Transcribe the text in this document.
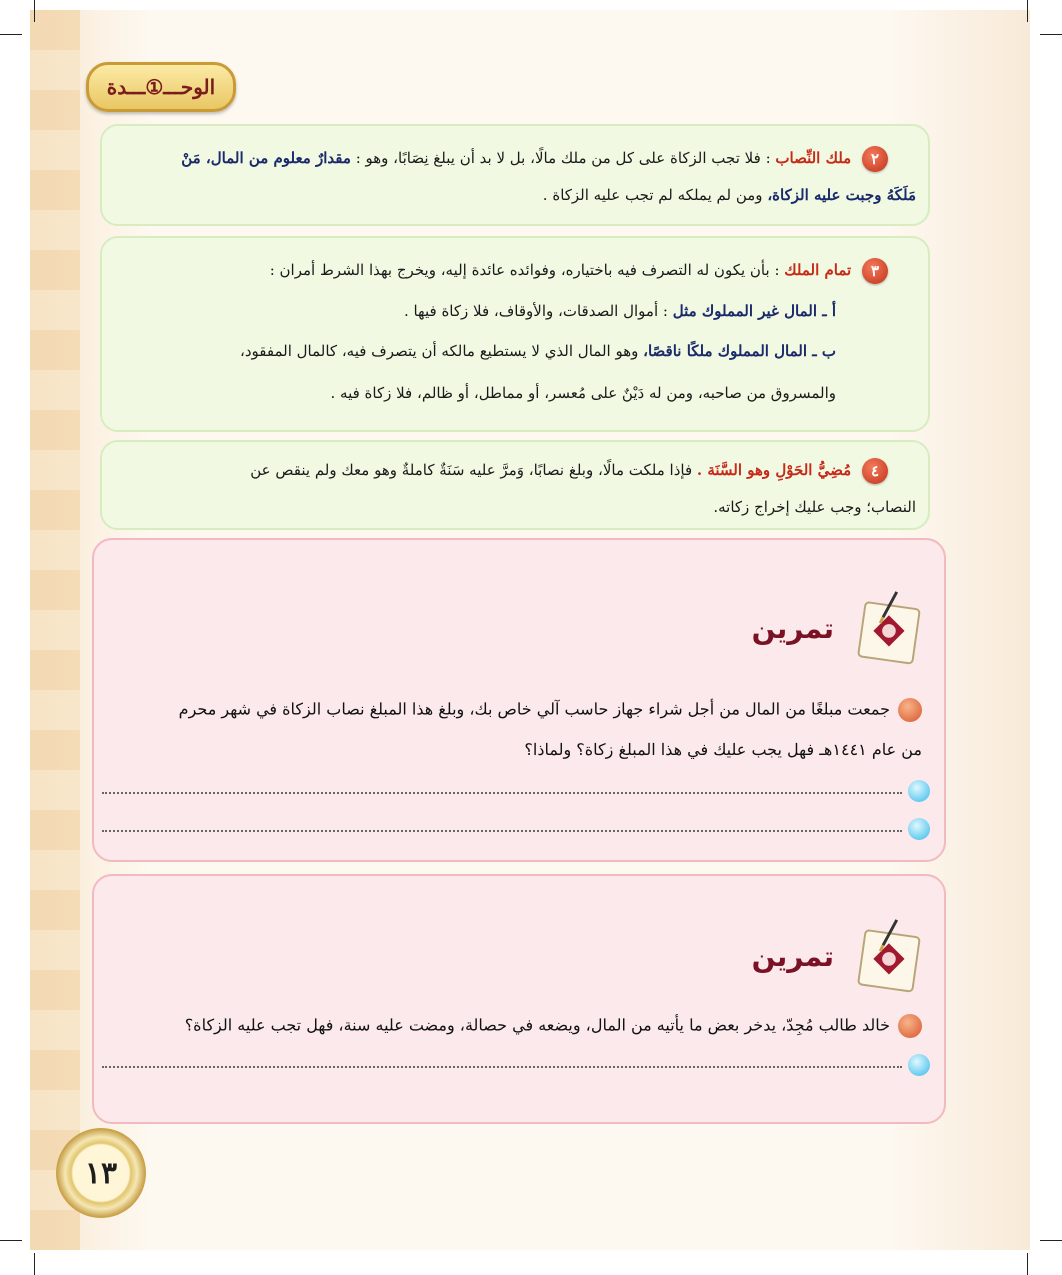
الوحـــ①ـــدة
٢ ملك النِّصاب : فلا تجب الزكاة على كل من ملك مالًا، بل لا بد أن يبلغ نِصَابًا، وهو : مقدارٌ معلوم من المال، مَنْ
مَلَكَهُ وجبت عليه الزكاة، ومن لم يملكه لم تجب عليه الزكاة .
٣ تمام الملك : بأن يكون له التصرف فيه باختياره، وفوائده عائدة إليه، ويخرج بهذا الشرط أمران :
أ ـ المال غير المملوك مثل : أموال الصدقات، والأوقاف، فلا زكاة فيها .
ب ـ المال المملوك ملكًا ناقصًا، وهو المال الذي لا يستطيع مالكه أن يتصرف فيه، كالمال المفقود،
والمسروق من صاحبه، ومن له دَيْنٌ على مُعسر، أو مماطل، أو ظالم، فلا زكاة فيه .
٤ مُضِيُّ الحَوْلِ وهو السَّنَة . فإذا ملكت مالًا، وبلغ نصابًا، وَمرَّ عليه سَنَةٌ كاملةٌ وهو معك ولم ينقص عن
النصاب؛ وجب عليك إخراج زكاته.
تمرين
جمعت مبلغًا من المال من أجل شراء جهاز حاسب آلي خاص بك، وبلغ هذا المبلغ نصاب الزكاة في شهر محرم
من عام ١٤٤١هـ فهل يجب عليك في هذا المبلغ زكاة؟ ولماذا؟
تمرين
خالد طالب مُجِدّ، يدخر بعض ما يأتيه من المال، ويضعه في حصالة، ومضت عليه سنة، فهل تجب عليه الزكاة؟
١٣
